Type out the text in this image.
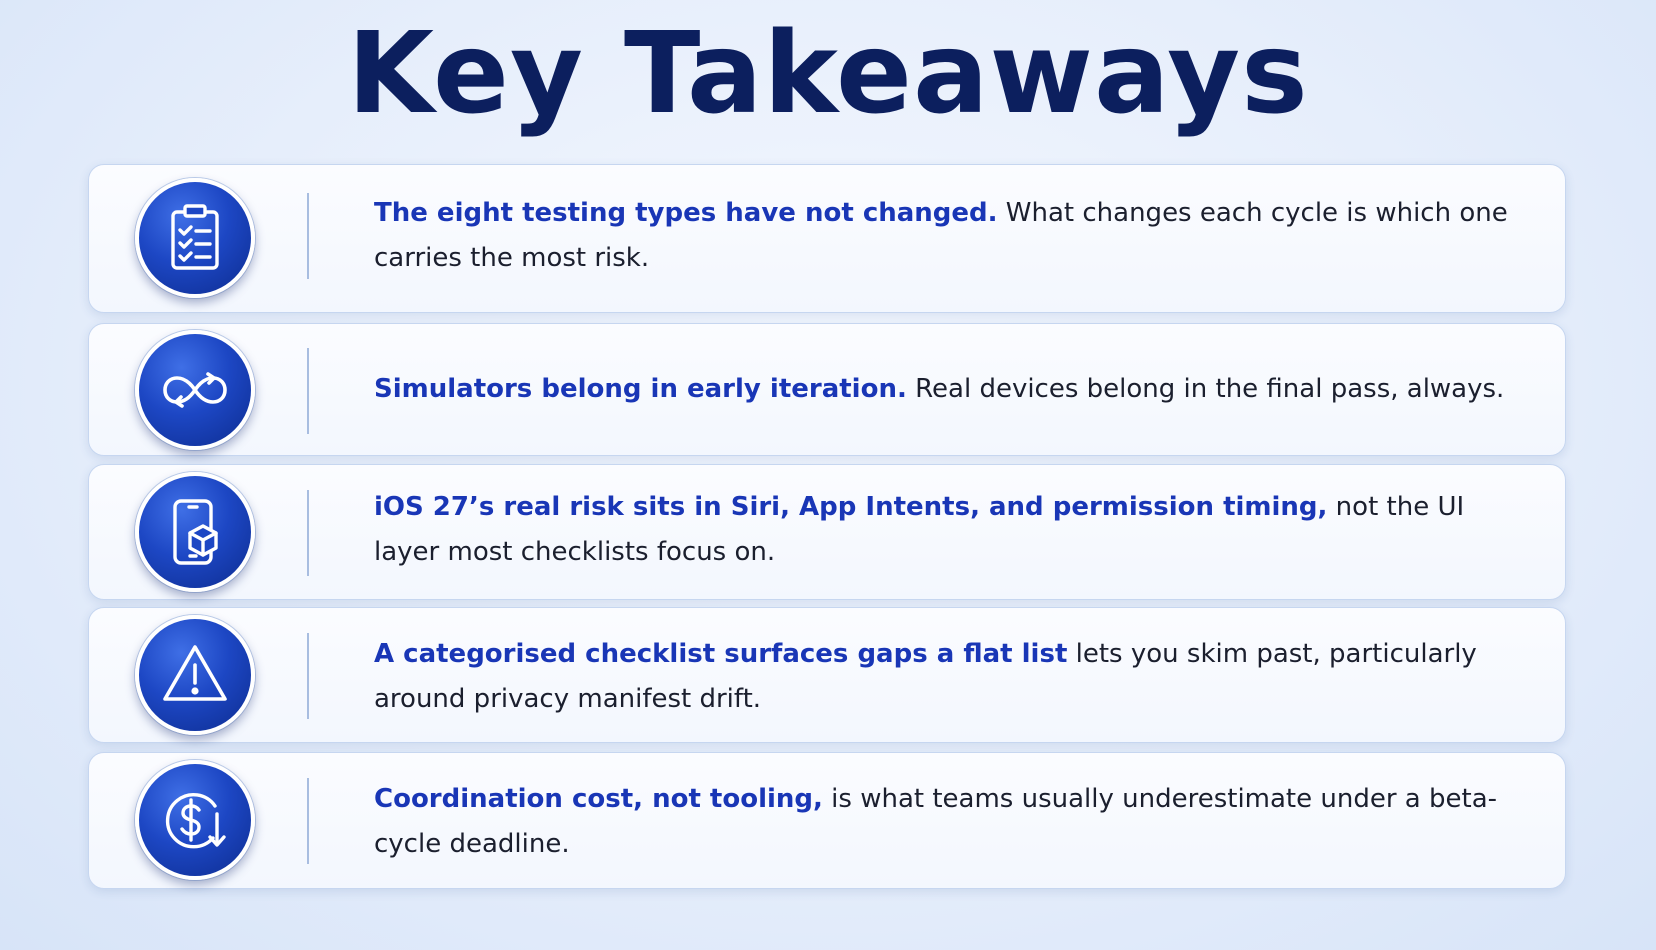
Key Takeaways
The eight testing types have not changed. What changes each cycle is which one carries the most risk.
Simulators belong in early iteration. Real devices belong in the final pass, always.
iOS 27’s real risk sits in Siri, App Intents, and permission timing, not the UI layer most checklists focus on.
A categorised checklist surfaces gaps a flat list lets you skim past, particularly around privacy manifest drift.
Coordination cost, not tooling, is what teams usually underestimate under a beta-cycle deadline.
